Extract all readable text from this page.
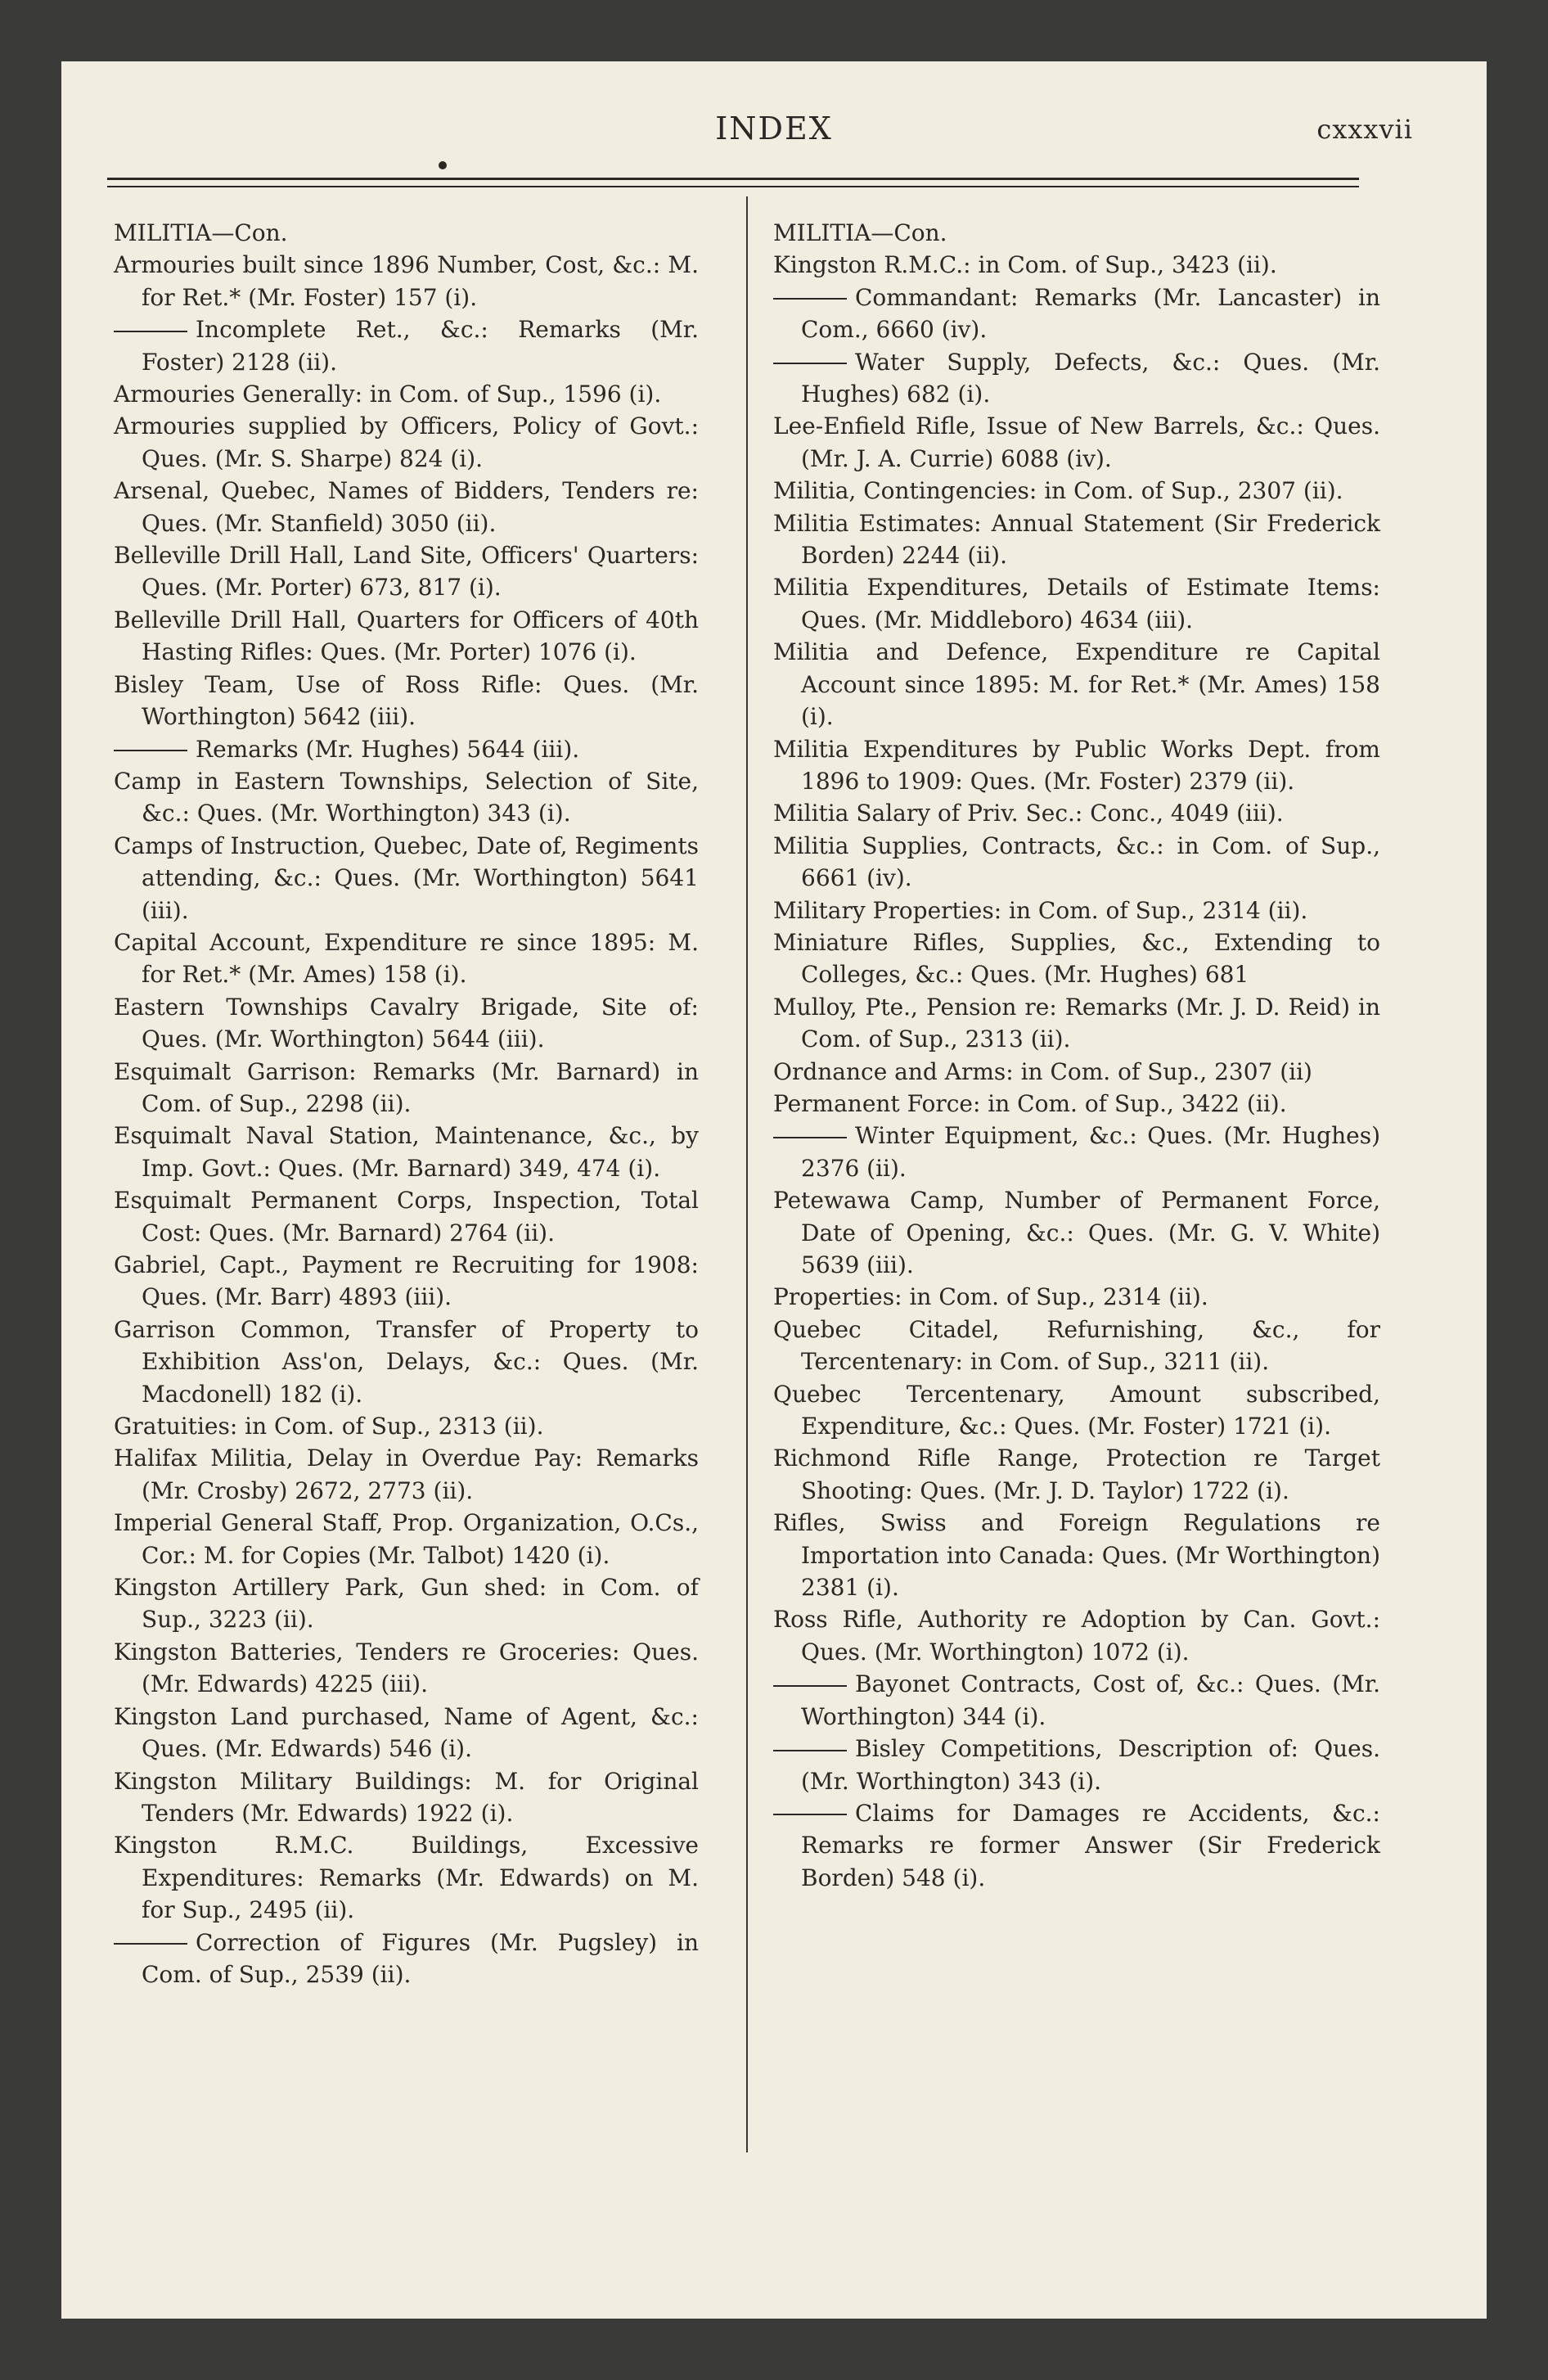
INDEX	cxxxvii

MILITIA—Con.

Armouries built since 1896 Number, Cost, &c.: M. for Ret.* (Mr. Foster) 157 (i).

Incomplete Ret., &c.: Remarks (Mr. Foster) 2128 (ii).

Armouries Generally: in Com. of Sup., 1596 (i).

Armouries supplied by Officers, Policy of Govt.: Ques. (Mr. S. Sharpe) 824 (i).

Arsenal, Quebec, Names of Bidders, Tenders re: Ques. (Mr. Stanfield) 3050 (ii).

Belleville Drill Hall, Land Site, Officers' Quarters: Ques. (Mr. Porter) 673, 817 (i).

Belleville Drill Hall, Quarters for Officers of 40th Hasting Rifles: Ques. (Mr. Porter) 1076 (i).

Bisley Team, Use of Ross Rifle: Ques. (Mr. Worthington) 5642 (iii).

Remarks (Mr. Hughes) 5644 (iii).

Camp in Eastern Townships, Selection of Site, &c.: Ques. (Mr. Worthington) 343 (i).

Camps of Instruction, Quebec, Date of, Regiments attending, &c.: Ques. (Mr. Worthington) 5641 (iii).

Capital Account, Expenditure re since 1895: M. for Ret.* (Mr. Ames) 158 (i).

Eastern Townships Cavalry Brigade, Site of: Ques. (Mr. Worthington) 5644 (iii).

Esquimalt Garrison: Remarks (Mr. Barnard) in Com. of Sup., 2298 (ii).

Esquimalt Naval Station, Maintenance, &c., by Imp. Govt.: Ques. (Mr. Barnard) 349, 474 (i).

Esquimalt Permanent Corps, Inspection, Total Cost: Ques. (Mr. Barnard) 2764 (ii).

Gabriel, Capt., Payment re Recruiting for 1908: Ques. (Mr. Barr) 4893 (iii).

Garrison Common, Transfer of Property to Exhibition Ass'on, Delays, &c.: Ques. (Mr. Macdonell) 182 (i).

Gratuities: in Com. of Sup., 2313 (ii).

Halifax Militia, Delay in Overdue Pay: Remarks (Mr. Crosby) 2672, 2773 (ii).

Imperial General Staff, Prop. Organization, O.Cs., Cor.: M. for Copies (Mr. Talbot) 1420 (i).

Kingston Artillery Park, Gun shed: in Com. of Sup., 3223 (ii).

Kingston Batteries, Tenders re Groceries: Ques. (Mr. Edwards) 4225 (iii).

Kingston Land purchased, Name of Agent, &c.: Ques. (Mr. Edwards) 546 (i).

Kingston Military Buildings: M. for Original Tenders (Mr. Edwards) 1922 (i).

Kingston R.M.C. Buildings, Excessive Expenditures: Remarks (Mr. Edwards) on M. for Sup., 2495 (ii).

Correction of Figures (Mr. Pugsley) in Com. of Sup., 2539 (ii).

MILITIA—Con.

Kingston R.M.C.: in Com. of Sup., 3423 (ii).

Commandant: Remarks (Mr. Lancaster) in Com., 6660 (iv).

Water Supply, Defects, &c.: Ques. (Mr. Hughes) 682 (i).

Lee-Enfield Rifle, Issue of New Barrels, &c.: Ques. (Mr. J. A. Currie) 6088 (iv).

Militia, Contingencies: in Com. of Sup., 2307 (ii).

Militia Estimates: Annual Statement (Sir Frederick Borden) 2244 (ii).

Militia Expenditures, Details of Estimate Items: Ques. (Mr. Middleboro) 4634 (iii).

Militia and Defence, Expenditure re Capital Account since 1895: M. for Ret.* (Mr. Ames) 158 (i).

Militia Expenditures by Public Works Dept. from 1896 to 1909: Ques. (Mr. Foster) 2379 (ii).

Militia Salary of Priv. Sec.: Conc., 4049 (iii).

Militia Supplies, Contracts, &c.: in Com. of Sup., 6661 (iv).

Military Properties: in Com. of Sup., 2314 (ii).

Miniature Rifles, Supplies, &c., Extending to Colleges, &c.: Ques. (Mr. Hughes) 681

Mulloy, Pte., Pension re: Remarks (Mr. J. D. Reid) in Com. of Sup., 2313 (ii).

Ordnance and Arms: in Com. of Sup., 2307 (ii)

Permanent Force: in Com. of Sup., 3422 (ii).

Winter Equipment, &c.: Ques. (Mr. Hughes) 2376 (ii).

Petewawa Camp, Number of Permanent Force, Date of Opening, &c.: Ques. (Mr. G. V. White) 5639 (iii).

Properties: in Com. of Sup., 2314 (ii).

Quebec Citadel, Refurnishing, &c., for Tercentenary: in Com. of Sup., 3211 (ii).

Quebec Tercentenary, Amount subscribed, Expenditure, &c.: Ques. (Mr. Foster) 1721 (i).

Richmond Rifle Range, Protection re Target Shooting: Ques. (Mr. J. D. Taylor) 1722 (i).

Rifles, Swiss and Foreign Regulations re Importation into Canada: Ques. (Mr Worthington) 2381 (i).

Ross Rifle, Authority re Adoption by Can. Govt.: Ques. (Mr. Worthington) 1072 (i).

Bayonet Contracts, Cost of, &c.: Ques. (Mr. Worthington) 344 (i).

Bisley Competitions, Description of: Ques. (Mr. Worthington) 343 (i).

Claims for Damages re Accidents, &c.: Remarks re former Answer (Sir Frederick Borden) 548 (i).
